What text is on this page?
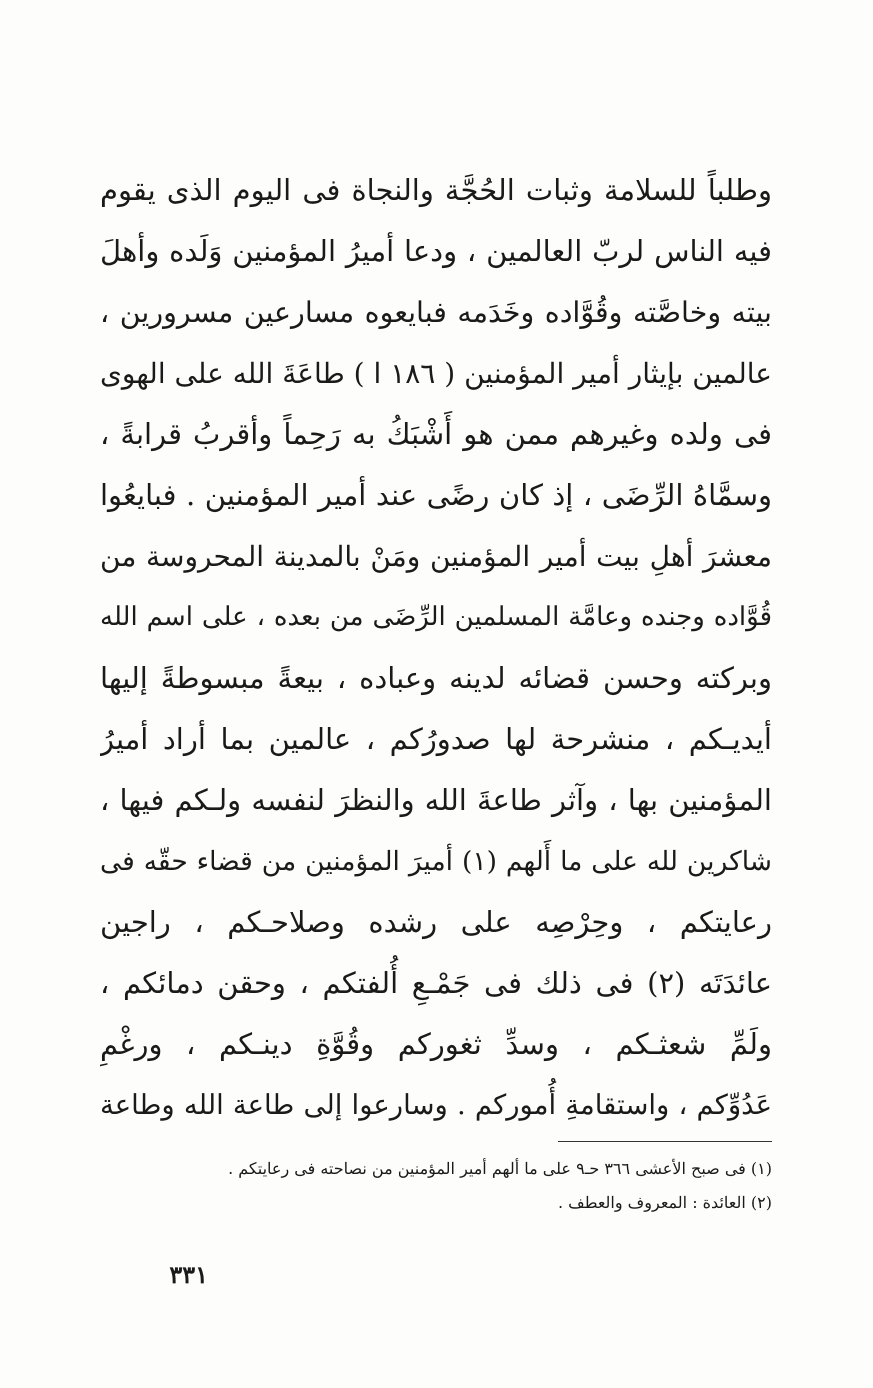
وطلباً للسلامة وثبات الحُجَّة والنجاة فى اليوم الذى يقوم
فيه الناس لربّ العالمين ، ودعا أميرُ المؤمنين وَلَده وأهلَ
بيته وخاصَّته وقُوَّاده وخَدَمه فبايعوه مسارعين مسرورين ،
عالمين بإيثار أمير المؤمنين ( ١٨٦ ا ) طاعَةَ الله على الهوى
فى ولده وغيرهم ممن هو أَشْبَكُ به رَحِماً وأقربُ قرابةً ،
وسمَّاهُ الرِّضَى ، إذ كان رضًى عند أمير المؤمنين . فبايعُوا
معشرَ أهلِ بيت أمير المؤمنين ومَنْ بالمدينة المحروسة من
قُوَّاده وجنده وعامَّة المسلمين الرِّضَى من بعده ، على اسم الله
وبركته وحسن قضائه لدينه وعباده ، بيعةً مبسوطةً إليها
أيديـكم ، منشرحة لها صدورُكم ، عالمين بما أراد أميرُ
المؤمنين بها ، وآثر طاعةَ الله والنظرَ لنفسه ولـكم فيها ،
شاكرين لله على ما أَلهم (١) أميرَ المؤمنين من قضاء حقّه فى
رعايتكم ، وحِرْصِه على رشده وصلاحـكم ، راجين
عائدَتَه (٢) فى ذلك فى جَمْـعِ أُلفتكم ، وحقن دمائكم ،
ولَمِّ شعثـكم ، وسدِّ ثغوركم وقُوَّةِ دينـكم ، ورغْمِ
عَدُوِّكم ، واستقامةِ أُموركم . وسارعوا إلى طاعة الله وطاعة
(١) فى صبح الأعشى ٣٦٦ حـ٩ على ما ألهم أمير المؤمنين من نصاحته فى رعايتكم .
(٢) العائدة : المعروف والعطف .
٣٣١
